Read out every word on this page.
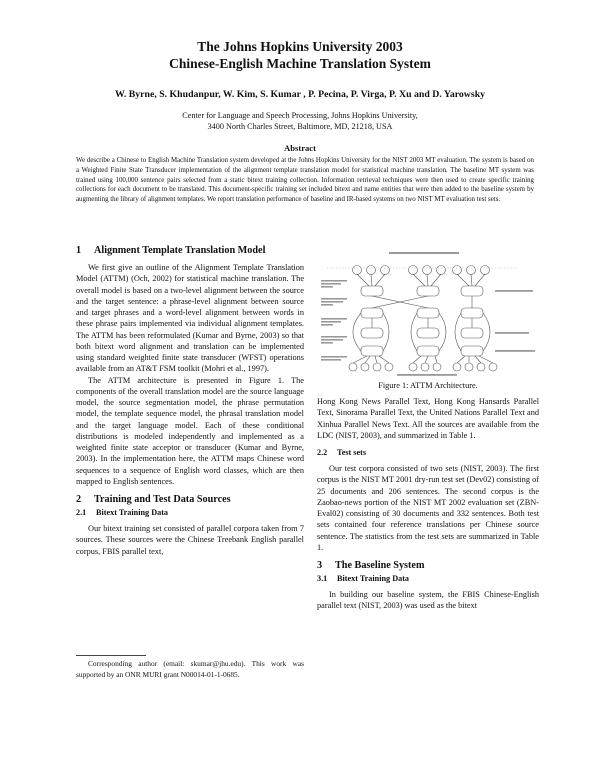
The Johns Hopkins University 2003
Chinese-English Machine Translation System

W. Byrne, S. Khudanpur, W. Kim, S. Kumar , P. Pecina, P. Virga, P. Xu and D. Yarowsky

Center for Language and Speech Processing, Johns Hopkins University,
3400 North Charles Street, Baltimore, MD, 21218, USA

Abstract

We describe a Chinese to English Machine Translation system developed at the Johns Hopkins University for the NIST 2003 MT evaluation. The system is based on a Weighted Finite State Transducer implementation of the alignment template translation model for statistical machine translation. The baseline MT system was trained using 100,000 sentence pairs selected from a static bitext training collection. Information retrieval techniques were then used to create specific training collections for each document to be translated. This document-specific training set included bitext and name entities that were then added to the baseline system by augmenting the library of alignment templates. We report translation performance of baseline and IR-based systems on two NIST MT evaluation test sets.

1 Alignment Template Translation Model

We first give an outline of the Alignment Template Translation Model (ATTM) (Och, 2002) for statistical machine translation. The overall model is based on a two-level alignment between the source and the target sentence: a phrase-level alignment between source and target phrases and a word-level alignment between words in these phrase pairs implemented via individual alignment templates. The ATTM has been reformulated (Kumar and Byrne, 2003) so that both bitext word alignment and translation can be implemented using standard weighted finite state transducer (WFST) operations available from an AT&T FSM toolkit (Mohri et al., 1997).

The ATTM architecture is presented in Figure 1. The components of the overall translation model are the source language model, the source segmentation model, the phrase permutation model, the template sequence model, the phrasal translation model and the target language model. Each of these conditional distributions is modeled independently and implemented as a weighted finite state acceptor or transducer (Kumar and Byrne, 2003). In the implementation here, the ATTM maps Chinese word sequences to a sequence of English word classes, which are then mapped to English sentences.

2 Training and Test Data Sources
2.1 Bitext Training Data

Our bitext training set consisted of parallel corpora taken from 7 sources. These sources were the Chinese Treebank English parallel corpus, FBIS parallel text,

Corresponding author (email: skumar@jhu.edu). This work was supported by an ONR MURI grant N00014-01-1-0685.

Figure 1: ATTM Architecture.

Hong Kong News Parallel Text, Hong Kong Hansards Parallel Text, Sinorama Parallel Text, the United Nations Parallel Text and Xinhua Parallel News Text. All the sources are available from the LDC (NIST, 2003), and summarized in Table 1.

2.2 Test sets

Our test corpora consisted of two sets (NIST, 2003). The first corpus is the NIST MT 2001 dry-run test set (Dev02) consisting of 25 documents and 206 sentences. The second corpus is the Zaobao-news portion of the NIST MT 2002 evaluation set (ZBN-Eval02) consisting of 30 documents and 332 sentences. Both test sets contained four reference translations per Chinese source sentence. The statistics from the test sets are summarized in Table 1.

3 The Baseline System
3.1 Bitext Training Data

In building our baseline system, the FBIS Chinese-English parallel text (NIST, 2003) was used as the bitext
